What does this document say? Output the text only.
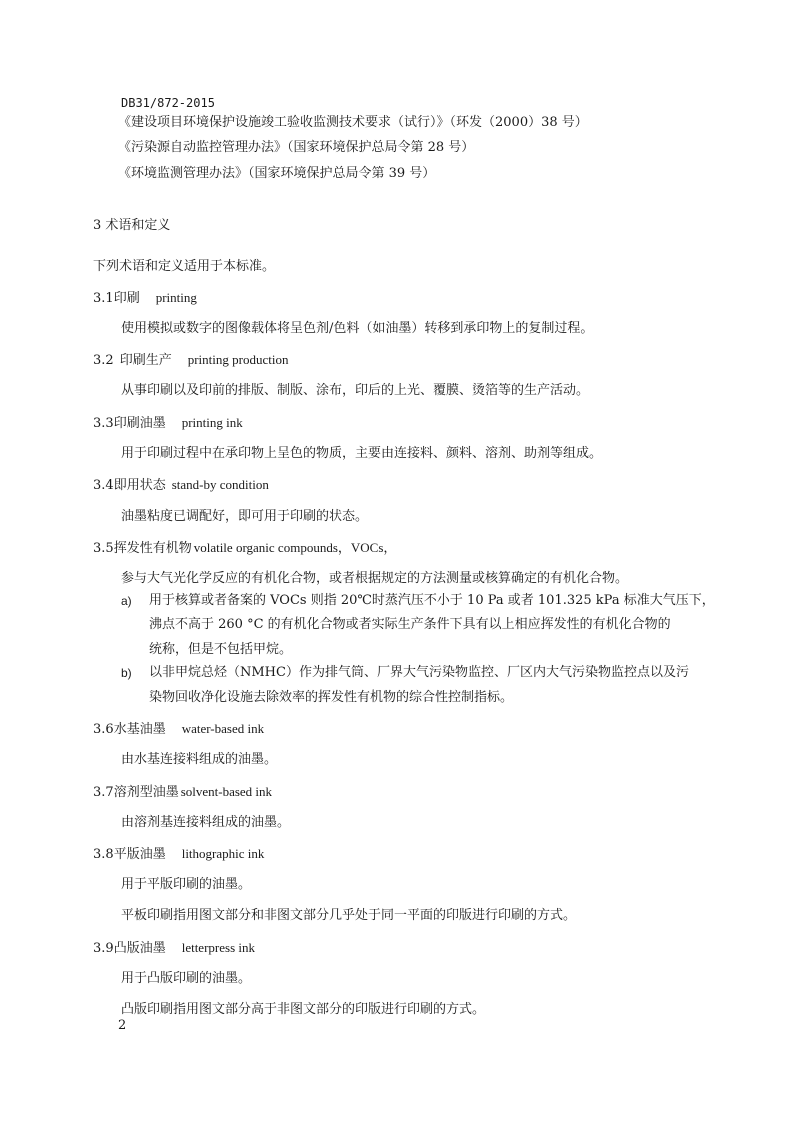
DB31/872-2015
《建设项目环境保护设施竣工验收监测技术要求（试行）》（环发（2000）38 号）
《污染源自动监控管理办法》（国家环境保护总局令第 28 号）
《环境监测管理办法》（国家环境保护总局令第 39 号）
3 术语和定义
下列术语和定义适用于本标准。
3.1印刷 printing
使用模拟或数字的图像载体将呈色剂/色料（如油墨）转移到承印物上的复制过程。
3.2 印刷生产 printing production
从事印刷以及印前的排版、制版、涂布，印后的上光、覆膜、烫箔等的生产活动。
3.3印刷油墨 printing ink
用于印刷过程中在承印物上呈色的物质，主要由连接料、颜料、溶剂、助剂等组成。
3.4即用状态 stand-by condition
油墨粘度已调配好，即可用于印刷的状态。
3.5挥发性有机物 volatile organic compounds，VOCs，
参与大气光化学反应的有机化合物，或者根据规定的方法测量或核算确定的有机化合物。
a) 用于核算或者备案的 VOCs 则指 20℃时蒸汽压不小于 10 Pa 或者 101.325 kPa 标准大气压下，
沸点不高于 260 °C 的有机化合物或者实际生产条件下具有以上相应挥发性的有机化合物的
统称，但是不包括甲烷。
b) 以非甲烷总烃（NMHC）作为排气筒、厂界大气污染物监控、厂区内大气污染物监控点以及污
染物回收净化设施去除效率的挥发性有机物的综合性控制指标。
3.6水基油墨 water-based ink
由水基连接料组成的油墨。
3.7溶剂型油墨 solvent-based ink
由溶剂基连接料组成的油墨。
3.8平版油墨 lithographic ink
用于平版印刷的油墨。
平板印刷指用图文部分和非图文部分几乎处于同一平面的印版进行印刷的方式。
3.9凸版油墨 letterpress ink
用于凸版印刷的油墨。
凸版印刷指用图文部分高于非图文部分的印版进行印刷的方式。
2
